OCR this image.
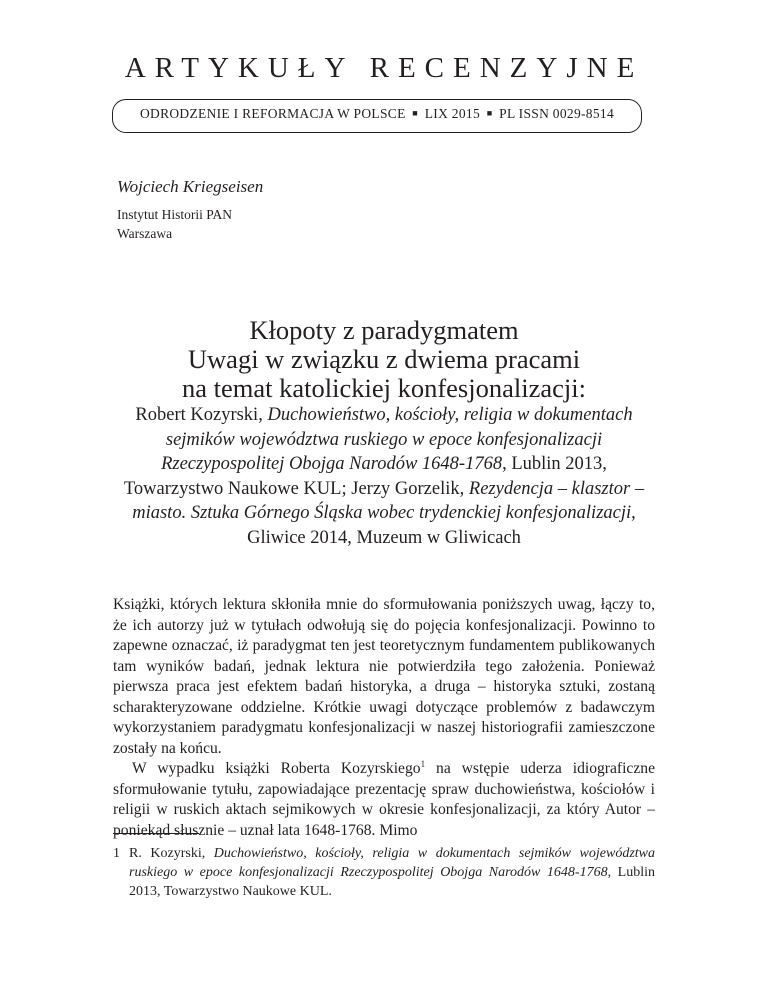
ARTYKUŁY RECENZYJNE
ODRODZENIE I REFORMACJA W POLSCE ■ LIX 2015 ■ PL ISSN 0029-8514
Wojciech Kriegseisen
Instytut Historii PAN
Warszawa
Kłopoty z paradygmatem
Uwagi w związku z dwiema pracami
na temat katolickiej konfesjonalizacji:
Robert Kozyrski, Duchowieństwo, kościoły, religia w dokumentach sejmików województwa ruskiego w epoce konfesjonalizacji Rzeczypospolitej Obojga Narodów 1648-1768, Lublin 2013, Towarzystwo Naukowe KUL; Jerzy Gorzelik, Rezydencja – klasztor – miasto. Sztuka Górnego Śląska wobec trydenckiej konfesjonalizacji,
Gliwice 2014, Muzeum w Gliwicach

Książki, których lektura skłoniła mnie do sformułowania poniższych uwag, łączy to, że ich autorzy już w tytułach odwołują się do pojęcia konfesjonalizacji. Powinno to zapewne oznaczać, iż paradygmat ten jest teoretycznym fundamentem publikowanych tam wyników badań, jednak lektura nie potwierdziła tego założenia. Ponieważ pierwsza praca jest efektem badań historyka, a druga – historyka sztuki, zostaną scharakteryzowane oddzielne. Krótkie uwagi dotyczące problemów z badawczym wykorzystaniem paradygmatu konfesjonalizacji w naszej historiografii zamieszczone zostały na końcu.

W wypadku książki Roberta Kozyrskiego$^1$ na wstępie uderza idiograficzne sformułowanie tytułu, zapowiadające prezentację spraw duchowieństwa, kościołów i religii w ruskich aktach sejmikowych w okresie konfesjonalizacji, za który Autor – poniekąd słusznie – uznał lata 1648-1768. Mimo

1 R. Kozyrski, Duchowieństwo, kościoły, religia w dokumentach sejmików województwa ruskiego w epoce konfesjonalizacji Rzeczypospolitej Obojga Narodów 1648-1768, Lublin 2013, Towarzystwo Naukowe KUL.
